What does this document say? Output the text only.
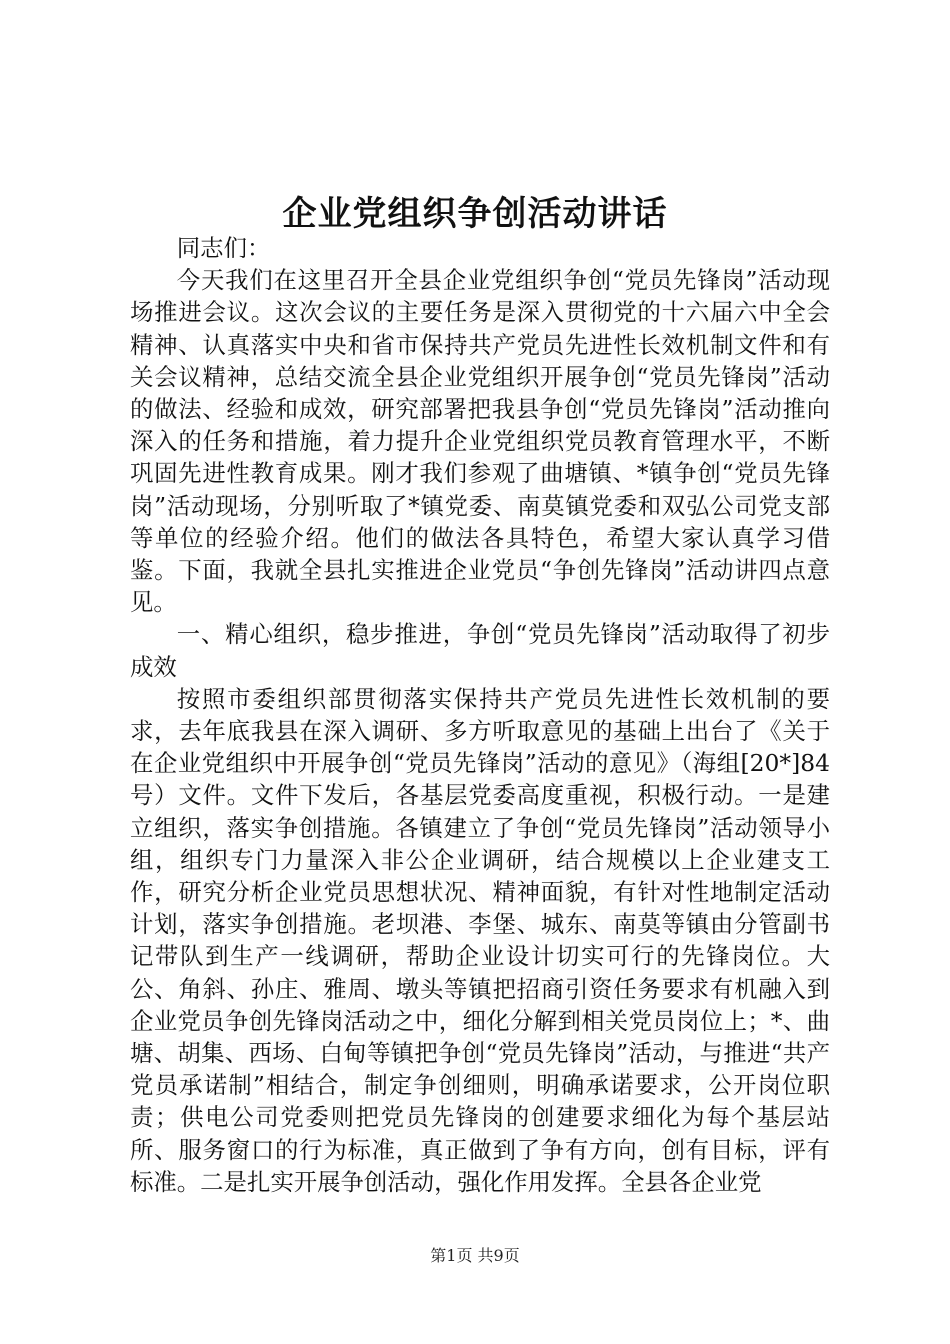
企业党组织争创活动讲话

同志们：

今天我们在这里召开全县企业党组织争创“党员先锋岗”活动现场推进会议。这次会议的主要任务是深入贯彻党的十六届六中全会精神、认真落实中央和省市保持共产党员先进性长效机制文件和有关会议精神，总结交流全县企业党组织开展争创“党员先锋岗”活动的做法、经验和成效，研究部署把我县争创“党员先锋岗”活动推向深入的任务和措施，着力提升企业党组织党员教育管理水平，不断巩固先进性教育成果。刚才我们参观了曲塘镇、*镇争创“党员先锋岗”活动现场，分别听取了*镇党委、南莫镇党委和双弘公司党支部等单位的经验介绍。他们的做法各具特色，希望大家认真学习借鉴。下面，我就全县扎实推进企业党员“争创先锋岗”活动讲四点意见。

一、精心组织，稳步推进，争创“党员先锋岗”活动取得了初步成效

按照市委组织部贯彻落实保持共产党员先进性长效机制的要求，去年底我县在深入调研、多方听取意见的基础上出台了《关于在企业党组织中开展争创“党员先锋岗”活动的意见》（海组[20*]84号）文件。文件下发后，各基层党委高度重视，积极行动。一是建立组织，落实争创措施。各镇建立了争创“党员先锋岗”活动领导小组，组织专门力量深入非公企业调研，结合规模以上企业建支工作，研究分析企业党员思想状况、精神面貌，有针对性地制定活动计划，落实争创措施。老坝港、李堡、城东、南莫等镇由分管副书记带队到生产一线调研，帮助企业设计切实可行的先锋岗位。大公、角斜、孙庄、雅周、墩头等镇把招商引资任务要求有机融入到企业党员争创先锋岗活动之中，细化分解到相关党员岗位上；*、曲塘、胡集、西场、白甸等镇把争创“党员先锋岗”活动，与推进“共产党员承诺制”相结合，制定争创细则，明确承诺要求，公开岗位职责；供电公司党委则把党员先锋岗的创建要求细化为每个基层站所、服务窗口的行为标准，真正做到了争有方向，创有目标，评有标准。二是扎实开展争创活动，强化作用发挥。全县各企业党

第1页 共9页
